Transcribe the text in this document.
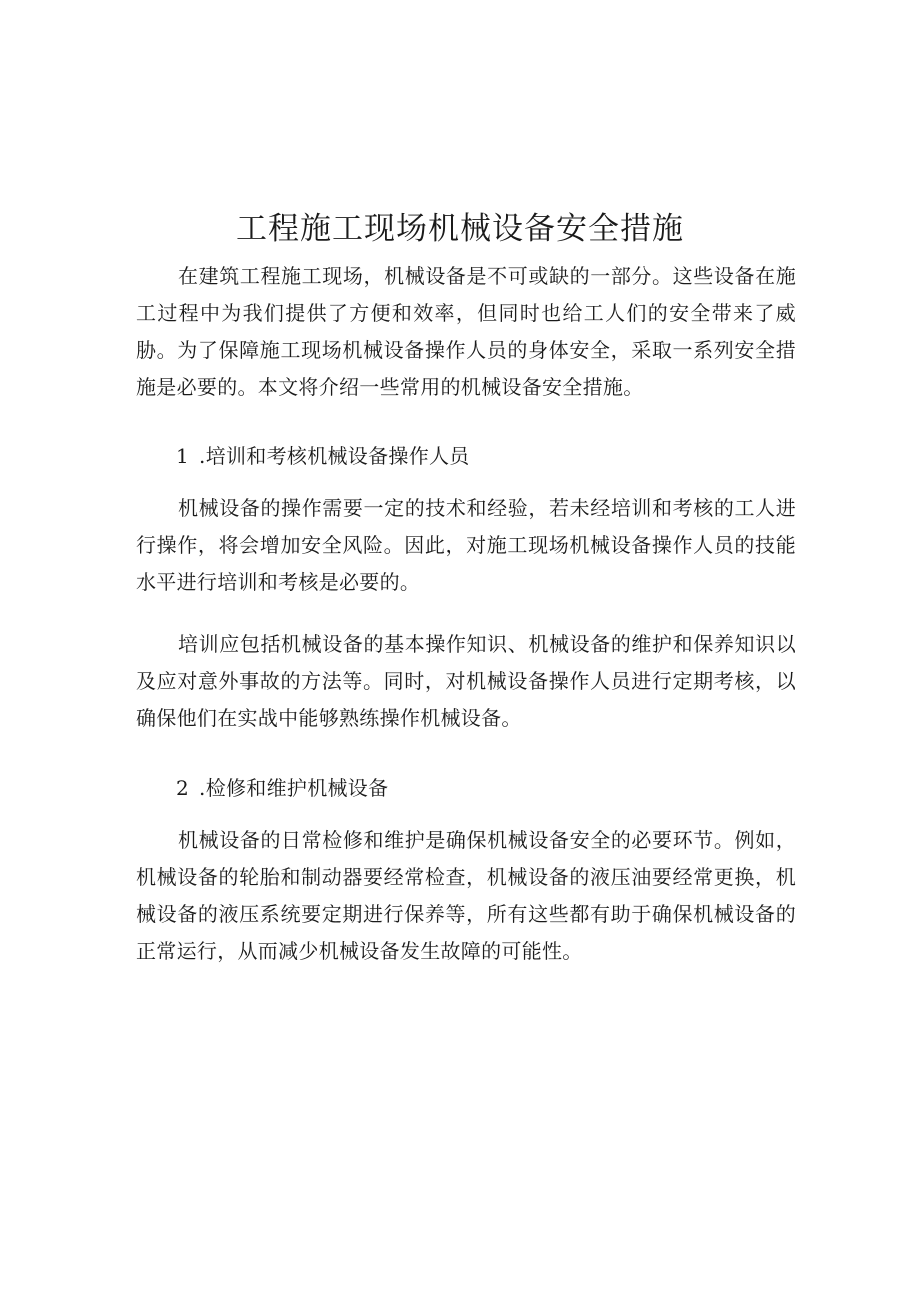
工程施工现场机械设备安全措施

在建筑工程施工现场，机械设备是不可或缺的一部分。这些设备在施工过程中为我们提供了方便和效率，但同时也给工人们的安全带来了威胁。为了保障施工现场机械设备操作人员的身体安全，采取一系列安全措施是必要的。本文将介绍一些常用的机械设备安全措施。

1 .培训和考核机械设备操作人员

机械设备的操作需要一定的技术和经验，若未经培训和考核的工人进行操作，将会增加安全风险。因此，对施工现场机械设备操作人员的技能水平进行培训和考核是必要的。

培训应包括机械设备的基本操作知识、机械设备的维护和保养知识以及应对意外事故的方法等。同时，对机械设备操作人员进行定期考核，以确保他们在实战中能够熟练操作机械设备。

2 .检修和维护机械设备

机械设备的日常检修和维护是确保机械设备安全的必要环节。例如，机械设备的轮胎和制动器要经常检查，机械设备的液压油要经常更换，机械设备的液压系统要定期进行保养等，所有这些都有助于确保机械设备的正常运行，从而减少机械设备发生故障的可能性。
